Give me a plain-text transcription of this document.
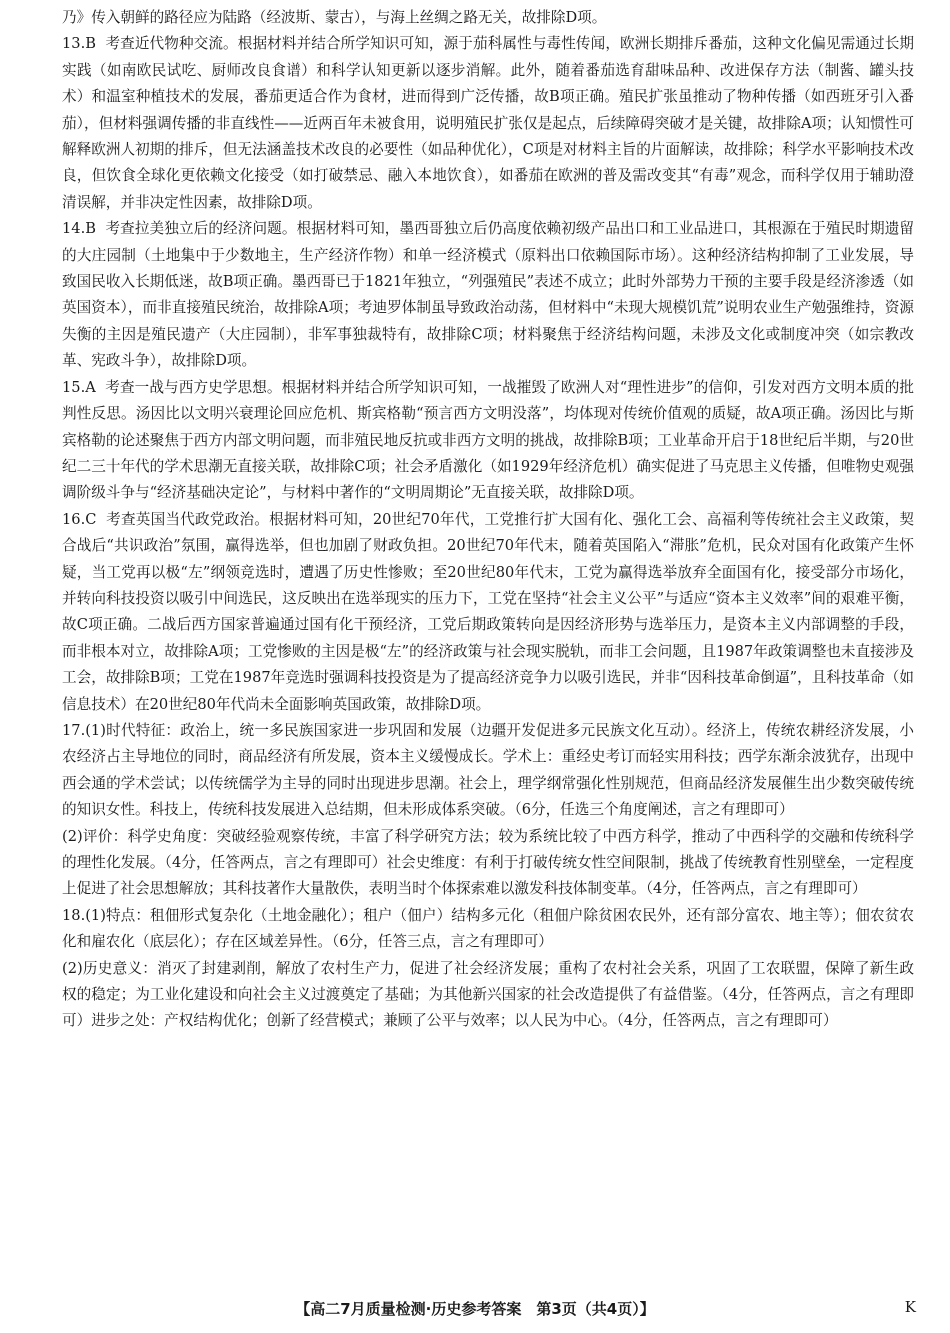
乃》传入朝鲜的路径应为陆路（经波斯、蒙古），与海上丝绸之路无关，故排除D项。

13.B 考查近代物种交流。根据材料并结合所学知识可知，源于茄科属性与毒性传闻，欧洲长期排斥番茄，这种文化偏见需通过长期实践（如南欧民试吃、厨师改良食谱）和科学认知更新以逐步消解。此外，随着番茄选育甜味品种、改进保存方法（制酱、罐头技术）和温室种植技术的发展，番茄更适合作为食材，进而得到广泛传播，故B项正确。殖民扩张虽推动了物种传播（如西班牙引入番茄），但材料强调传播的非直线性——近两百年未被食用，说明殖民扩张仅是起点，后续障碍突破才是关键，故排除A项；认知惯性可解释欧洲人初期的排斥，但无法涵盖技术改良的必要性（如品种优化），C项是对材料主旨的片面解读，故排除；科学水平影响技术改良，但饮食全球化更依赖文化接受（如打破禁忌、融入本地饮食），如番茄在欧洲的普及需改变其“有毒”观念，而科学仅用于辅助澄清误解，并非决定性因素，故排除D项。

14.B 考查拉美独立后的经济问题。根据材料可知，墨西哥独立后仍高度依赖初级产品出口和工业品进口，其根源在于殖民时期遗留的大庄园制（土地集中于少数地主，生产经济作物）和单一经济模式（原料出口依赖国际市场）。这种经济结构抑制了工业发展，导致国民收入长期低迷，故B项正确。墨西哥已于1821年独立，“列强殖民”表述不成立；此时外部势力干预的主要手段是经济渗透（如英国资本），而非直接殖民统治，故排除A项；考迪罗体制虽导致政治动荡，但材料中“未现大规模饥荒”说明农业生产勉强维持，资源失衡的主因是殖民遗产（大庄园制），非军事独裁特有，故排除C项；材料聚焦于经济结构问题，未涉及文化或制度冲突（如宗教改革、宪政斗争），故排除D项。

15.A 考查一战与西方史学思想。根据材料并结合所学知识可知，一战摧毁了欧洲人对“理性进步”的信仰，引发对西方文明本质的批判性反思。汤因比以文明兴衰理论回应危机、斯宾格勒“预言西方文明没落”，均体现对传统价值观的质疑，故A项正确。汤因比与斯宾格勒的论述聚焦于西方内部文明问题，而非殖民地反抗或非西方文明的挑战，故排除B项；工业革命开启于18世纪后半期，与20世纪二三十年代的学术思潮无直接关联，故排除C项；社会矛盾激化（如1929年经济危机）确实促进了马克思主义传播，但唯物史观强调阶级斗争与“经济基础决定论”，与材料中著作的“文明周期论”无直接关联，故排除D项。

16.C 考查英国当代政党政治。根据材料可知，20世纪70年代，工党推行扩大国有化、强化工会、高福利等传统社会主义政策，契合战后“共识政治”氛围，赢得选举，但也加剧了财政负担。20世纪70年代末，随着英国陷入“滞胀”危机，民众对国有化政策产生怀疑，当工党再以极“左”纲领竞选时，遭遇了历史性惨败；至20世纪80年代末，工党为赢得选举放弃全面国有化，接受部分市场化，并转向科技投资以吸引中间选民，这反映出在选举现实的压力下，工党在坚持“社会主义公平”与适应“资本主义效率”间的艰难平衡，故C项正确。二战后西方国家普遍通过国有化干预经济，工党后期政策转向是因经济形势与选举压力，是资本主义内部调整的手段，而非根本对立，故排除A项；工党惨败的主因是极“左”的经济政策与社会现实脱轨，而非工会问题，且1987年政策调整也未直接涉及工会，故排除B项；工党在1987年竞选时强调科技投资是为了提高经济竞争力以吸引选民，并非“因科技革命倒逼”，且科技革命（如信息技术）在20世纪80年代尚未全面影响英国政策，故排除D项。

17.(1)时代特征：政治上，统一多民族国家进一步巩固和发展（边疆开发促进多元民族文化互动）。经济上，传统农耕经济发展，小农经济占主导地位的同时，商品经济有所发展，资本主义缓慢成长。学术上：重经史考订而轻实用科技；西学东渐余波犹存，出现中西会通的学术尝试；以传统儒学为主导的同时出现进步思潮。社会上，理学纲常强化性别规范，但商品经济发展催生出少数突破传统的知识女性。科技上，传统科技发展进入总结期，但未形成体系突破。（6分，任选三个角度阐述，言之有理即可）

(2)评价：科学史角度：突破经验观察传统，丰富了科学研究方法；较为系统比较了中西方科学，推动了中西科学的交融和传统科学的理性化发展。（4分，任答两点，言之有理即可）社会史维度：有利于打破传统女性空间限制，挑战了传统教育性别壁垒，一定程度上促进了社会思想解放；其科技著作大量散佚，表明当时个体探索难以激发科技体制变革。（4分，任答两点，言之有理即可）

18.(1)特点：租佃形式复杂化（土地金融化）；租户（佃户）结构多元化（租佃户除贫困农民外，还有部分富农、地主等）；佃农贫农化和雇农化（底层化）；存在区域差异性。（6分，任答三点，言之有理即可）

(2)历史意义：消灭了封建剥削，解放了农村生产力，促进了社会经济发展；重构了农村社会关系，巩固了工农联盟，保障了新生政权的稳定；为工业化建设和向社会主义过渡奠定了基础；为其他新兴国家的社会改造提供了有益借鉴。（4分，任答两点，言之有理即可）进步之处：产权结构优化；创新了经营模式；兼顾了公平与效率；以人民为中心。（4分，任答两点，言之有理即可）

【高二7月质量检测·历史参考答案　第3页（共4页）】	K
